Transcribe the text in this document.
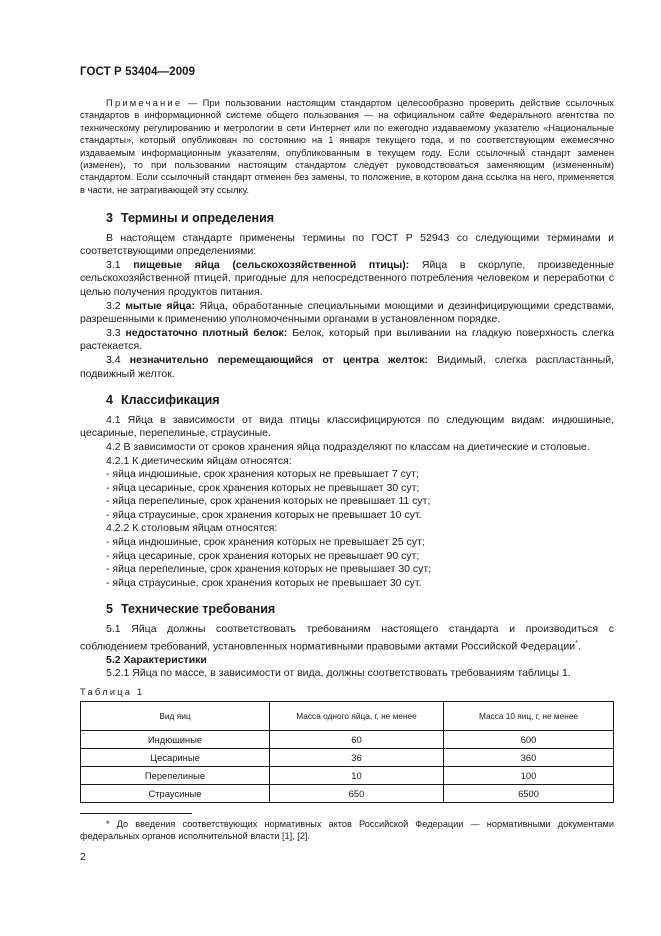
ГОСТ Р 53404—2009

Примечание — При пользовании настоящим стандартом целесообразно проверить действие ссылочных стандартов в информационной системе общего пользования — на официальном сайте Федерального агентства по техническому регулированию и метрологии в сети Интернет или по ежегодно издаваемому указателю «Национальные стандарты», который опубликован по состоянию на 1 января текущего года, и по соответствующим ежемесячно издаваемым информационным указателям, опубликованным в текущем году. Если ссылочный стандарт заменен (изменен), то при пользовании настоящим стандартом следует руководствоваться заменяющим (измененным) стандартом. Если ссылочный стандарт отменен без замены, то положение, в котором дана ссылка на него, применяется в части, не затрагивающей эту ссылку.

3 Термины и определения

В настоящем стандарте применены термины по ГОСТ Р 52943 со следующими терминами и соответствующими определениями:

3.1 пищевые яйца (сельскохозяйственной птицы): Яйца в скорлупе, произведенные сельскохозяйственной птицей, пригодные для непосредственного потребления человеком и переработки с целью получения продуктов питания.

3.2 мытые яйца: Яйца, обработанные специальными моющими и дезинфицирующими средствами, разрешенными к применению уполномоченными органами в установленном порядке.

3.3 недостаточно плотный белок: Белок, который при выливании на гладкую поверхность слегка растекается.

3.4 незначительно перемещающийся от центра желток: Видимый, слегка распластанный, подвижный желток.

4 Классификация

4.1 Яйца в зависимости от вида птицы классифицируются по следующим видам: индюшиные, цесариные, перепелиные, страусиные.

4.2 В зависимости от сроков хранения яйца подразделяют по классам на диетические и столовые.

4.2.1 К диетическим яйцам относятся:

- яйца индюшиные, срок хранения которых не превышает 7 сут;
- яйца цесариные, срок хранения которых не превышает 30 сут;
- яйца перепелиные, срок хранения которых не превышает 11 сут;
- яйца страусиные, срок хранения которых не превышает 10 сут.

4.2.2 К столовым яйцам относятся:

- яйца индюшиные, срок хранения которых не превышает 25 сут;
- яйца цесариные, срок хранения которых не превышает 90 сут;
- яйца перепелиные, срок хранения которых не превышает 30 сут;
- яйца страусиные, срок хранения которых не превышает 30 сут.
5 Технические требования

5.1 Яйца должны соответствовать требованиям настоящего стандарта и производиться с соблюдением требований, установленных нормативными правовыми актами Российской Федерации*.

5.2 Характеристики

5.2.1 Яйца по массе, в зависимости от вида, должны соответствовать требованиям таблицы 1.

Таблица 1
Вид яиц	Масса одного яйца, г, не менее	Масса 10 яиц, г, не менее
Индюшиные	60	600
Цесариные	36	360
Перепелиные	10	100
Страусиные	650	6500

* До введения соответствующих нормативных актов Российской Федерации — нормативными документами федеральных органов исполнительной власти [1], [2].

2
